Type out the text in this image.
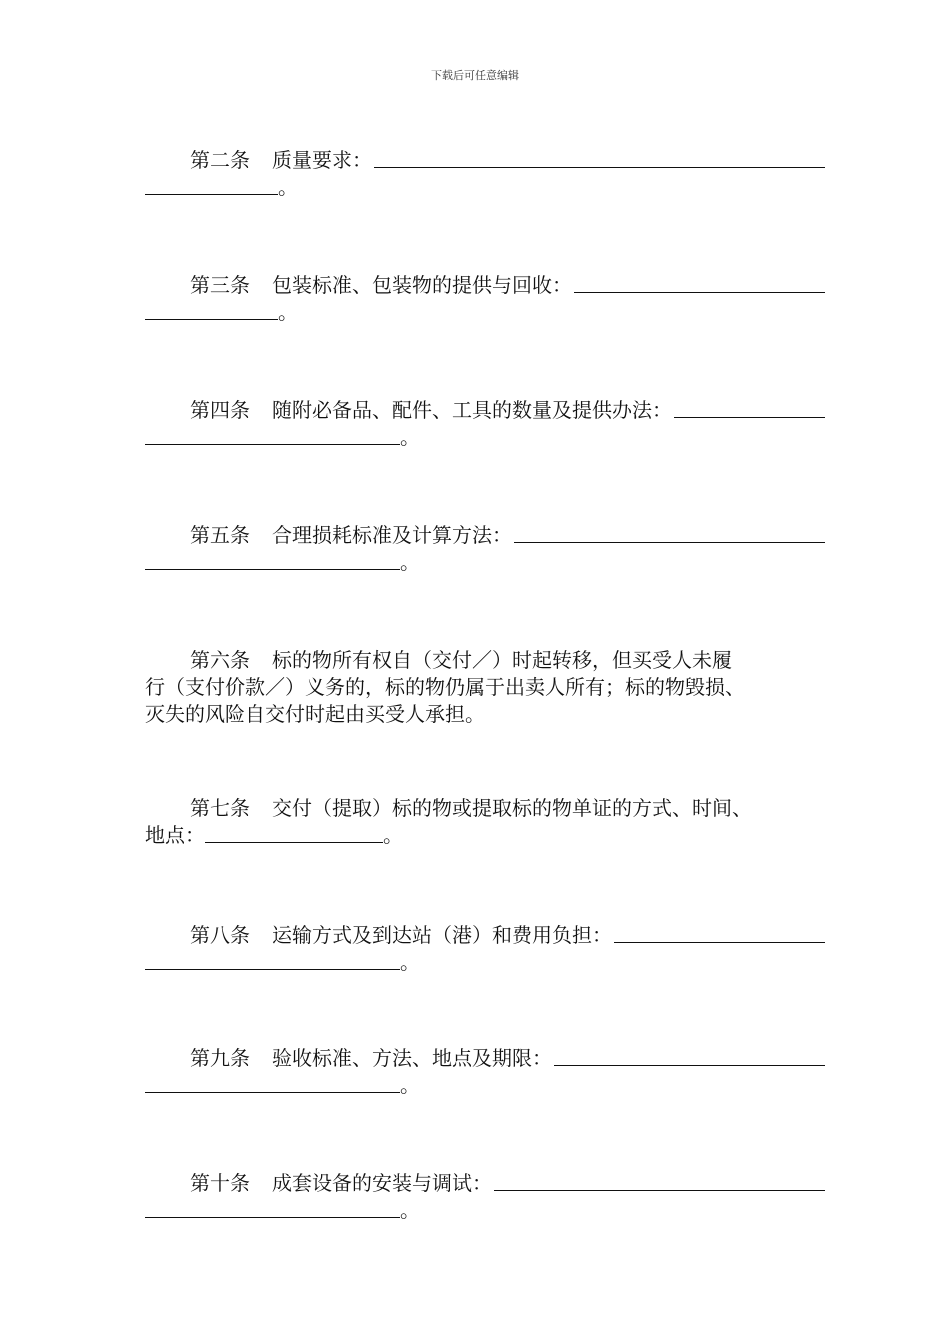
下载后可任意编辑
第二条 质量要求：
。
第三条 包装标准、包装物的提供与回收：
。
第四条 随附必备品、配件、工具的数量及提供办法：
。
第五条 合理损耗标准及计算方法：
。
第六条 标的物所有权自（交付／）时起转移，但买受人未履
行（支付价款／）义务的，标的物仍属于出卖人所有；标的物毁损、
灭失的风险自交付时起由买受人承担。
第七条 交付（提取）标的物或提取标的物单证的方式、时间、
地点：	。
第八条 运输方式及到达站（港）和费用负担：
。
第九条 验收标准、方法、地点及期限：
。
第十条 成套设备的安装与调试：
。
